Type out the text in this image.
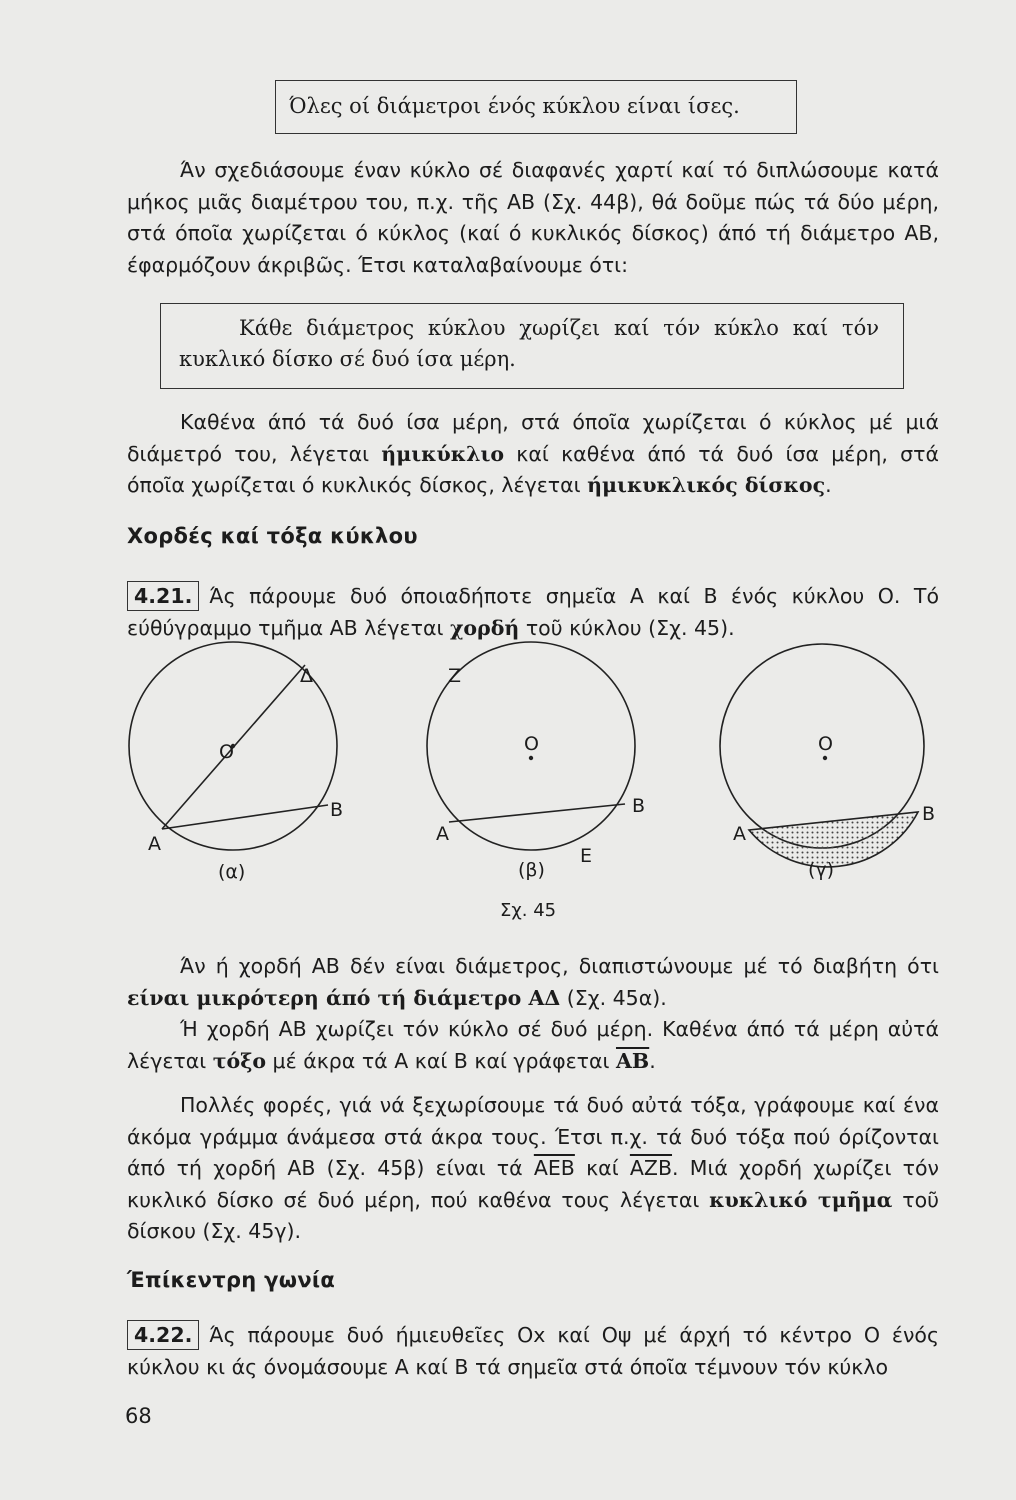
Όλες οί διάμετροι ένός κύκλου είναι ίσες.

Άν σχεδιάσουμε έναν κύκλο σέ διαφανές χαρτί καί τό διπλώσουμε κατά μήκος μιᾶς διαμέτρου του, π.χ. τῆς ΑΒ (Σχ. 44β), θά δοῦμε πώς τά δύο μέρη, στά όποῖα χωρίζεται ό κύκλος (καί ό κυκλικός δίσκος) άπό τή διάμετρο ΑΒ, έφαρμόζουν άκριβῶς. Έτσι καταλαβαίνουμε ότι:

Κάθε διάμετρος κύκλου χωρίζει καί τόν κύκλο καί τόν κυκλικό δίσκο σέ δυό ίσα μέρη.

Καθένα άπό τά δυό ίσα μέρη, στά όποῖα χωρίζεται ό κύκλος μέ μιά διάμετρό του, λέγεται ήμικύκλιο καί καθένα άπό τά δυό ίσα μέρη, στά όποῖα χωρίζεται ό κυκλικός δίσκος, λέγεται ήμικυκλικός δίσκος.

Χορδές καί τόξα κύκλου

4.21. Άς πάρουμε δυό όποιαδήποτε σημεῖα Α καί Β ένός κύκλου Ο. Τό εύθύγραμμο τμῆμα ΑΒ λέγεται χορδή τοῦ κύκλου (Σχ. 45).

Δ
O
B
A
(α)
Z
O
B
A
E
(β)
O
B
A
(γ)
Σχ. 45

Άν ή χορδή ΑΒ δέν είναι διάμετρος, διαπιστώνουμε μέ τό διαβήτη ότι είναι μικρότερη άπό τή διάμετρο ΑΔ (Σχ. 45α).

Ή χορδή ΑΒ χωρίζει τόν κύκλο σέ δυό μέρη. Καθένα άπό τά μέρη αὐτά λέγεται τόξο μέ άκρα τά Α καί Β καί γράφεται $\overline{AB}$.

Πολλές φορές, γιά νά ξεχωρίσουμε τά δυό αὐτά τόξα, γράφουμε καί ένα άκόμα γράμμα άνάμεσα στά άκρα τους. Έτσι π.χ. τά δυό τόξα πού όρίζονται άπό τή χορδή ΑΒ (Σχ. 45β) είναι τά $\overline{AEB}$ καί $\overline{AZB}$. Μιά χορδή χωρίζει τόν κυκλικό δίσκο σέ δυό μέρη, πού καθένα τους λέγεται κυκλικό τμῆμα τοῦ δίσκου (Σχ. 45γ).

Έπίκεντρη γωνία

4.22. Άς πάρουμε δυό ήμιευθεῖες Οx καί Οψ μέ άρχή τό κέντρο Ο ένός κύκλου κι άς όνομάσουμε Α καί Β τά σημεῖα στά όποῖα τέμνουν τόν κύκλο

68
